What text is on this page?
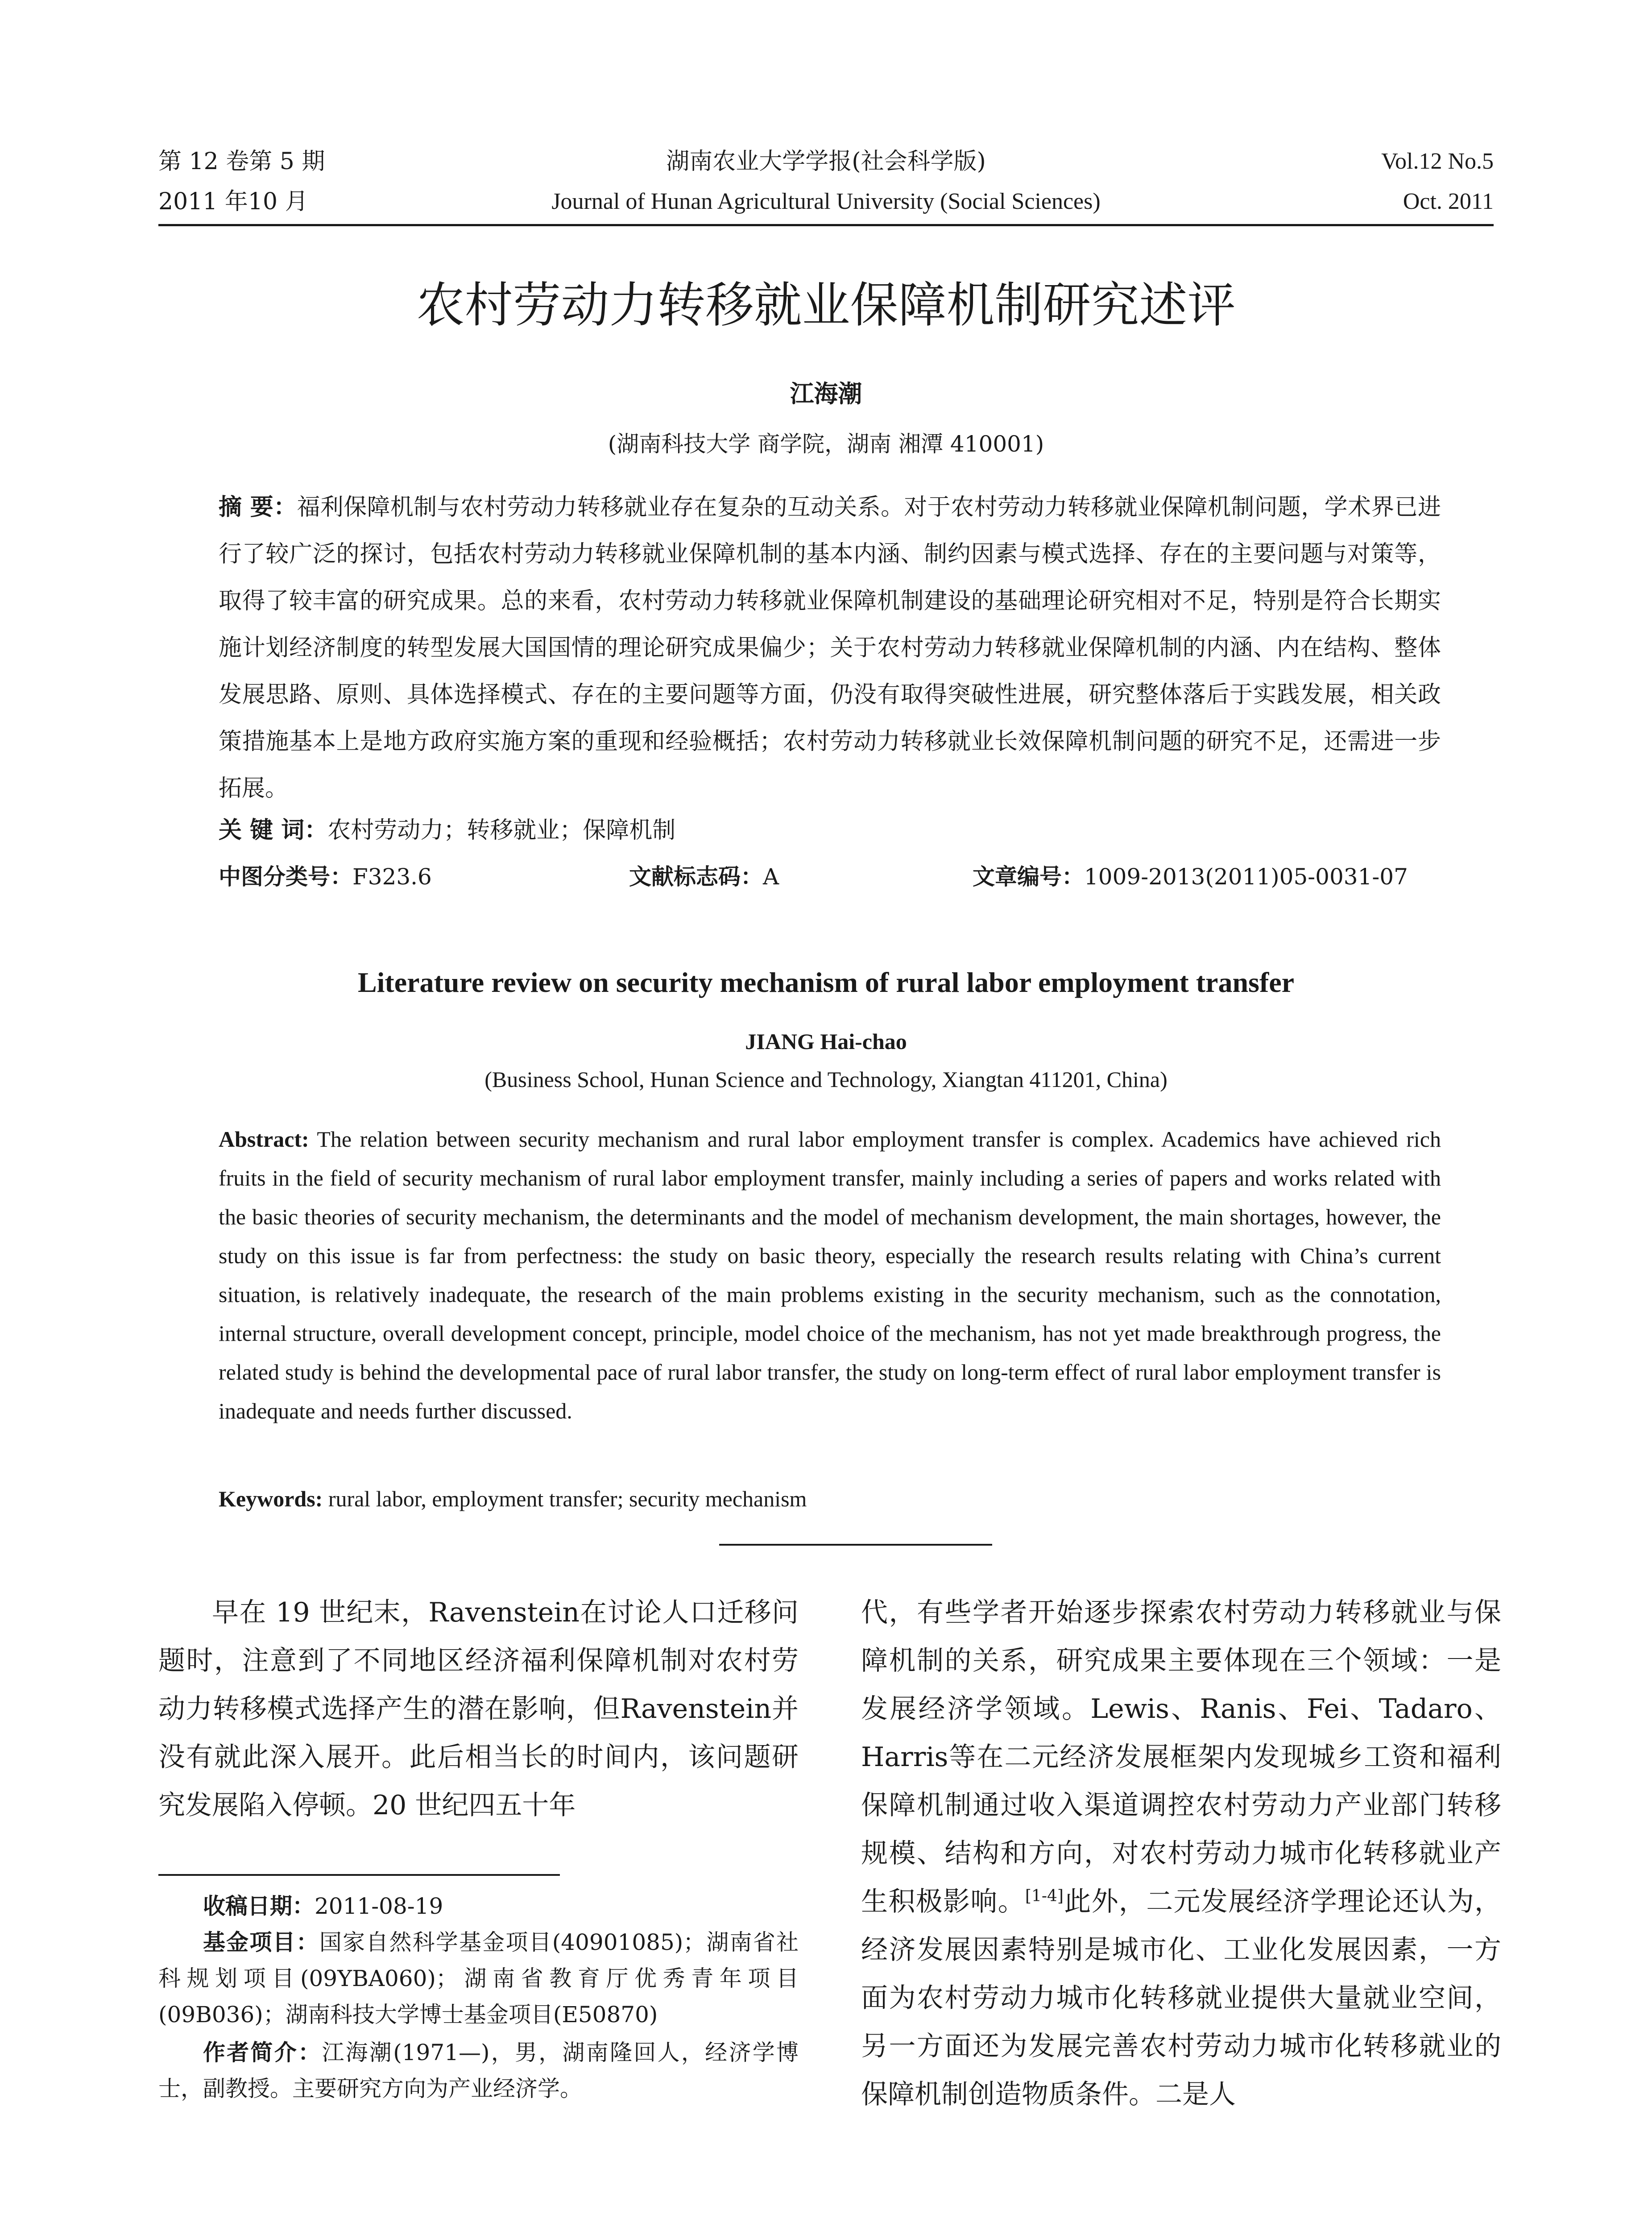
第 12 卷第 5 期
2011 年10 月
湖南农业大学学报(社会科学版)
Journal of Hunan Agricultural University (Social Sciences)
Vol.12 No.5
Oct. 2011
农村劳动力转移就业保障机制研究述评
江海潮
(湖南科技大学 商学院，湖南 湘潭 410001)
摘 要：福利保障机制与农村劳动力转移就业存在复杂的互动关系。对于农村劳动力转移就业保障机制问题，学术界已进行了较广泛的探讨，包括农村劳动力转移就业保障机制的基本内涵、制约因素与模式选择、存在的主要问题与对策等，取得了较丰富的研究成果。总的来看，农村劳动力转移就业保障机制建设的基础理论研究相对不足，特别是符合长期实施计划经济制度的转型发展大国国情的理论研究成果偏少；关于农村劳动力转移就业保障机制的内涵、内在结构、整体发展思路、原则、具体选择模式、存在的主要问题等方面，仍没有取得突破性进展，研究整体落后于实践发展，相关政策措施基本上是地方政府实施方案的重现和经验概括；农村劳动力转移就业长效保障机制问题的研究不足，还需进一步拓展。
关 键 词：农村劳动力；转移就业；保障机制
中图分类号：F323.6	文献标志码：A	文章编号：1009-2013(2011)05-0031-07
Literature review on security mechanism of rural labor employment transfer
JIANG Hai-chao
(Business School, Hunan Science and Technology, Xiangtan 411201, China)
Abstract: The relation between security mechanism and rural labor employment transfer is complex. Academics have achieved rich fruits in the field of security mechanism of rural labor employment transfer, mainly including a series of papers and works related with the basic theories of security mechanism, the determinants and the model of mechanism development, the main shortages, however, the study on this issue is far from perfectness: the study on basic theory, especially the research results relating with China’s current situation, is relatively inadequate, the research of the main problems existing in the security mechanism, such as the connotation, internal structure, overall development concept, principle, model choice of the mechanism, has not yet made breakthrough progress, the related study is behind the developmental pace of rural labor transfer, the study on long-term effect of rural labor employment transfer is inadequate and needs further discussed.
Keywords: rural labor, employment transfer; security mechanism
早在 19 世纪末，Ravenstein在讨论人口迁移问题时，注意到了不同地区经济福利保障机制对农村劳动力转移模式选择产生的潜在影响，但Ravenstein并没有就此深入展开。此后相当长的时间内，该问题研究发展陷入停顿。20 世纪四五十年
代，有些学者开始逐步探索农村劳动力转移就业与保障机制的关系，研究成果主要体现在三个领域：一是发展经济学领域。Lewis、Ranis、Fei、Tadaro、Harris等在二元经济发展框架内发现城乡工资和福利保障机制通过收入渠道调控农村劳动力产业部门转移规模、结构和方向，对农村劳动力城市化转移就业产生积极影响。[1-4]此外，二元发展经济学理论还认为，经济发展因素特别是城市化、工业化发展因素，一方面为农村劳动力城市化转移就业提供大量就业空间，另一方面还为发展完善农村劳动力城市化转移就业的保障机制创造物质条件。二是人
收稿日期：2011-08-19
基金项目：国家自然科学基金项目(40901085)；湖南省社科规划项目(09YBA060)；湖南省教育厅优秀青年项目(09B036)；湖南科技大学博士基金项目(E50870)
作者简介：江海潮(1971—)，男，湖南隆回人，经济学博士，副教授。主要研究方向为产业经济学。
